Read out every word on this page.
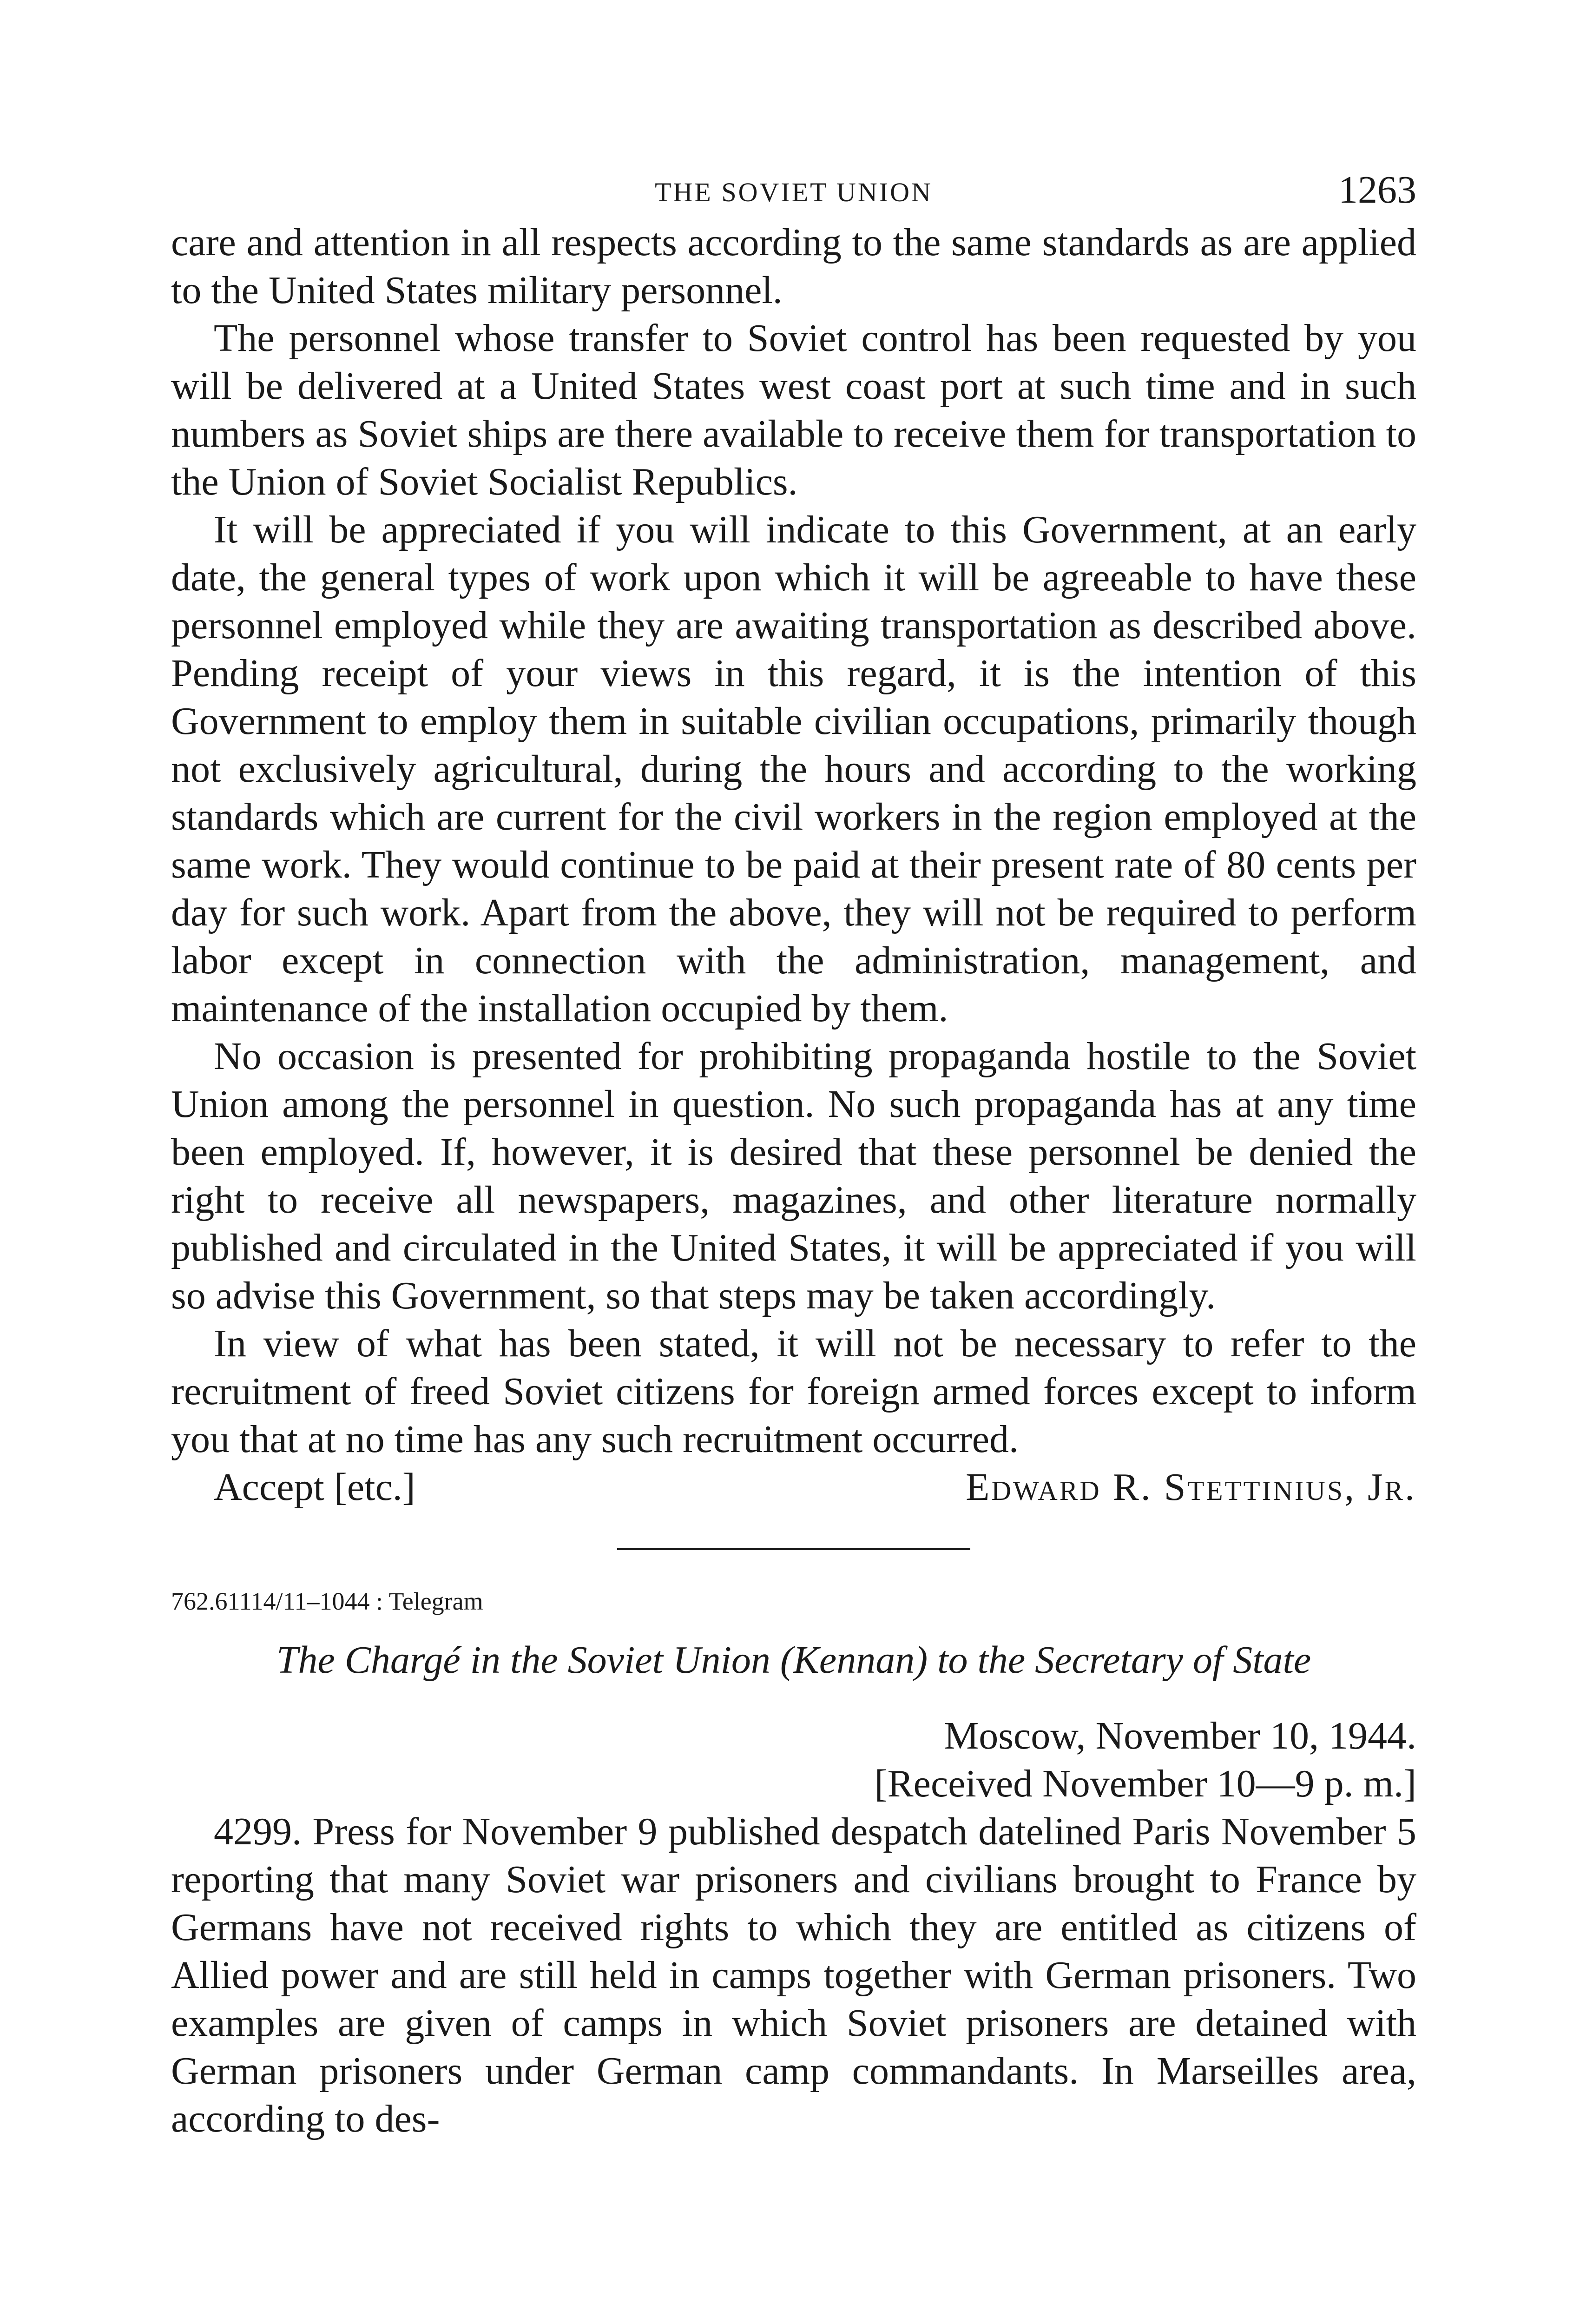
THE SOVIET UNION	1263

care and attention in all respects according to the same standards as are applied to the United States military personnel.

The personnel whose transfer to Soviet control has been requested by you will be delivered at a United States west coast port at such time and in such numbers as Soviet ships are there available to receive them for transportation to the Union of Soviet Socialist Republics.

It will be appreciated if you will indicate to this Government, at an early date, the general types of work upon which it will be agreeable to have these personnel employed while they are awaiting transportation as described above. Pending receipt of your views in this regard, it is the intention of this Government to employ them in suitable civilian occupations, primarily though not exclusively agricultural, during the hours and according to the working standards which are current for the civil workers in the region employed at the same work. They would continue to be paid at their present rate of 80 cents per day for such work. Apart from the above, they will not be required to perform labor except in connection with the administration, management, and maintenance of the installation occupied by them.

No occasion is presented for prohibiting propaganda hostile to the Soviet Union among the personnel in question. No such propaganda has at any time been employed. If, however, it is desired that these personnel be denied the right to receive all newspapers, magazines, and other literature normally published and circulated in the United States, it will be appreciated if you will so advise this Government, so that steps may be taken accordingly.

In view of what has been stated, it will not be necessary to refer to the recruitment of freed Soviet citizens for foreign armed forces except to inform you that at no time has any such recruitment occurred.

Accept [etc.]	Edward R. Stettinius, Jr.

762.61114/11–1044 : Telegram

The Chargé in the Soviet Union (Kennan) to the Secretary of State

Moscow, November 10, 1944.
[Received November 10—9 p. m.]

4299. Press for November 9 published despatch datelined Paris November 5 reporting that many Soviet war prisoners and civilians brought to France by Germans have not received rights to which they are entitled as citizens of Allied power and are still held in camps together with German prisoners. Two examples are given of camps in which Soviet prisoners are detained with German prisoners under German camp commandants. In Marseilles area, according to des-
